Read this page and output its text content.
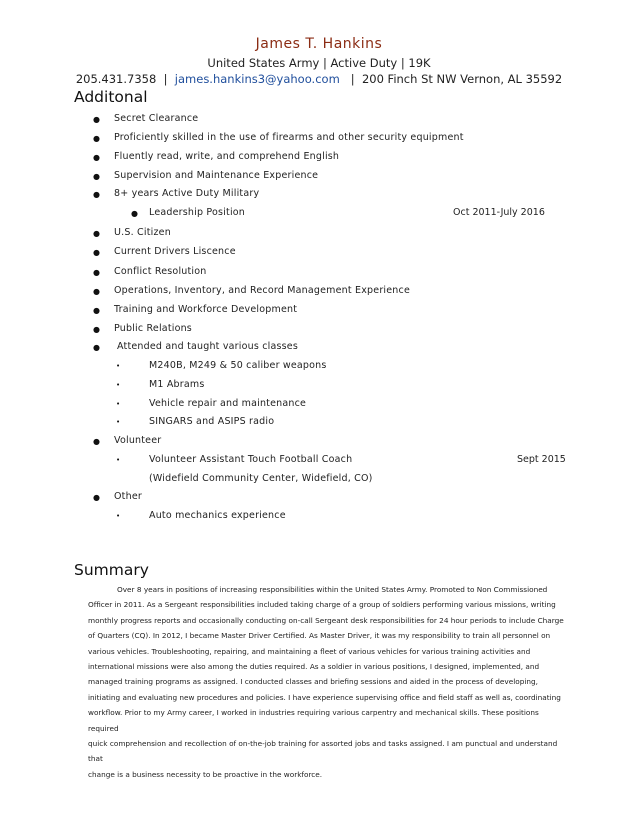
James T. Hankins
United States Army | Active Duty | 19K
205.431.7358 | james.hankins3@yahoo.com | 200 Finch St NW Vernon, AL 35592
Additonal
● Secret Clearance
● Proficiently skilled in the use of firearms and other security equipment
● Fluently read, write, and comprehend English
● Supervision and Maintenance Experience
● 8+ years Active Duty Military
● Leadership Position	Oct 2011-July 2016
● U.S. Citizen
● Current Drivers Liscence
● Conflict Resolution
● Operations, Inventory, and Record Management Experience
● Training and Workforce Development
● Public Relations
● Attended and taught various classes
•	M240B, M249 & 50 caliber weapons
•	M1 Abrams
•	Vehicle repair and maintenance
•	SINGARS and ASIPS radio
● Volunteer
•	Volunteer Assistant Touch Football Coach	Sept 2015
(Widefield Community Center, Widefield, CO)
● Other
•	Auto mechanics experience
Summary
Over 8 years in positions of increasing responsibilities within the United States Army. Promoted to Non Commissioned
Officer in 2011. As a Sergeant responsibilities included taking charge of a group of soldiers performing various missions, writing
monthly progress reports and occasionally conducting on-call Sergeant desk responsibilities for 24 hour periods to include Charge
of Quarters (CQ). In 2012, I became Master Driver Certified. As Master Driver, it was my responsibility to train all personnel on
various vehicles. Troubleshooting, repairing, and maintaining a fleet of various vehicles for various training activities and
international missions were also among the duties required. As a soldier in various positions, I designed, implemented, and
managed training programs as assigned. I conducted classes and briefing sessions and aided in the process of developing,
initiating and evaluating new procedures and policies. I have experience supervising office and field staff as well as, coordinating
workflow. Prior to my Army career, I worked in industries requiring various carpentry and mechanical skills. These positions required
quick comprehension and recollection of on-the-job training for assorted jobs and tasks assigned. I am punctual and understand that
change is a business necessity to be proactive in the workforce.
